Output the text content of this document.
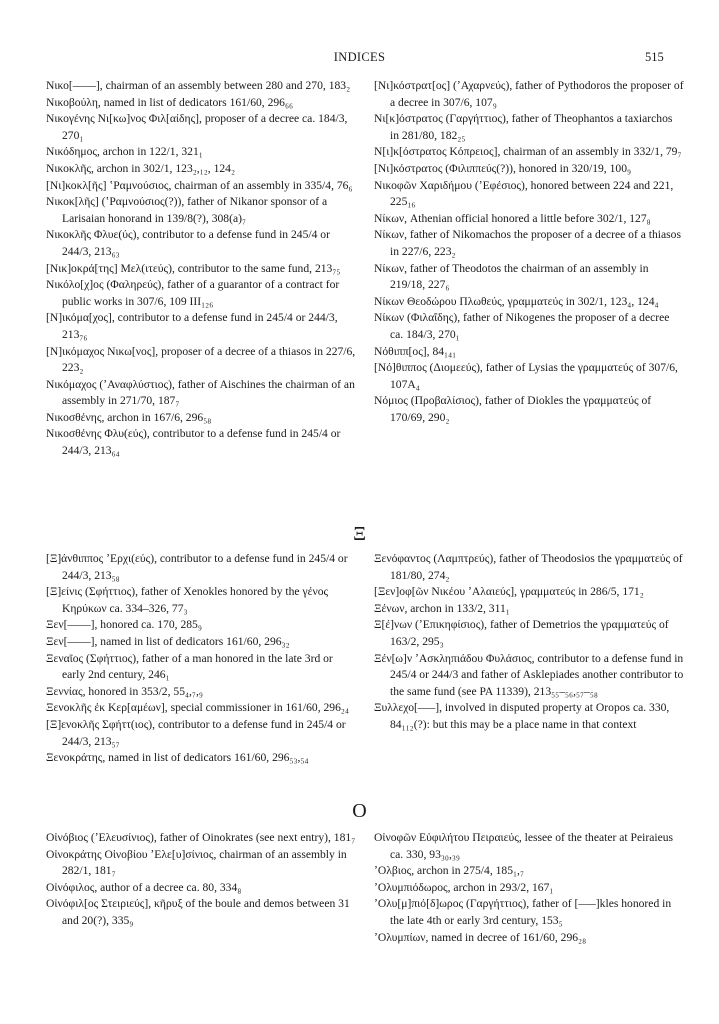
INDICES	515

Νικο[––––], chairman of an assembly between 280 and 270, 183₂

Νικοβούλη, named in list of dedicators 161/60, 296₆₆

Νικογένης Νι[κω]νος Φιλ[αίδης], proposer of a decree ca. 184/3, 270₁

Νικόδημος, archon in 122/1, 321₁

Νικοκλῆς, archon in 302/1, 123₂,₁₂, 124₂

[Νι]κοκλ[ῆς] ʽΡαμνούσιος, chairman of an assembly in 335/4, 76₆

Νικοκ[λῆς] (ʽΡαμνούσιος(?)), father of Nikanor sponsor of a Larisaian honorand in 139/8(?), 308(a)₇

Νικοκλῆς Φλυε(ύς), contributor to a defense fund in 245/4 or 244/3, 213₆₃

[Νικ]οκρά[της] Μελ(ιτεύς), contributor to the same fund, 213₇₅

Νικόλο[χ]ος (Φαληρεύς), father of a guarantor of a contract for public works in 307/6, 109 III₁₂₆

[Ν]ικόμα[χος], contributor to a defense fund in 245/4 or 244/3, 213₇₆

[Ν]ικόμαχος Νικω[νος], proposer of a decree of a thiasos in 227/6, 223₂

Νικόμαχος (ʼΑναφλύστιος), father of Aischines the chairman of an assembly in 271/70, 187₇

Νικοσθένης, archon in 167/6, 296₅₈

Νικοσθένης Φλυ(εύς), contributor to a defense fund in 245/4 or 244/3, 213₆₄

[Νι]κόστρατ[ος] (ʼΑχαρνεύς), father of Pythodoros the proposer of a decree in 307/6, 107₉

Νι[κ]όστρατος (Γαργήττιος), father of Theophantos a taxiarchos in 281/80, 182₂₅

Ν[ι]κ[όστρατος Κόπρειος], chairman of an assembly in 332/1, 79₇

[Νι]κόστρατος (Φιλιππεύς(?)), honored in 320/19, 100₉

Νικοφῶν Χαριδήμου (ʼΕφέσιος), honored between 224 and 221, 225₁₆

Νίκων, Athenian official honored a little before 302/1, 127₈

Νίκων, father of Nikomachos the proposer of a decree of a thiasos in 227/6, 223₂

Νίκων, father of Theodotos the chairman of an assembly in 219/18, 227₆

Νίκων Θεοδώρου Πλωθεύς, γραμματεύς in 302/1, 123₄, 124₄

Νίκων (Φιλαΐδης), father of Nikogenes the proposer of a decree ca. 184/3, 270₁

Νόθιππ[ος], 84₁₄₁

[Νό]θιππος (Διομεεύς), father of Lysias the γραμματεύς of 307/6, 107A₄

Νόμιος (Προβαλίσιος), father of Diokles the γραμματεύς of 170/69, 290₂

Ξ

[Ξ]άνθιππος ʼΕρχι(εύς), contributor to a defense fund in 245/4 or 244/3, 213₅₈

[Ξ]είνις (Σφήττιος), father of Xenokles honored by the γένος Κηρύκων ca. 334–326, 77₃

Ξεν[––––], honored ca. 170, 285₉

Ξεν[––––], named in list of dedicators 161/60, 296₃₂

Ξεναῖος (Σφήττιος), father of a man honored in the late 3rd or early 2nd century, 246₁

Ξεννίας, honored in 353/2, 55₄,₇,₉

Ξενοκλῆς ἐκ Κερ[αμέων], special commissioner in 161/60, 296₂₄

[Ξ]ενοκλῆς Σφήττ(ιος), contributor to a defense fund in 245/4 or 244/3, 213₅₇

Ξενοκράτης, named in list of dedicators 161/60, 296₅₃,₅₄

Ξενόφαντος (Λαμπτρεύς), father of Theodosios the γραμματεύς of 181/80, 274₂

[Ξεν]οφ[ῶν Νικέου ʼΑλαιεύς], γραμματεύς in 286/5, 171₂

Ξένων, archon in 133/2, 311₁

Ξ[έ]νων (ʼΕπικηφίσιος), father of Demetrios the γραμματεύς of 163/2, 295₃

Ξέν[ω]ν ʼΑσκληπιάδου Φυλάσιος, contributor to a defense fund in 245/4 or 244/3 and father of Asklepiades another contributor to the same fund (see PA 11339), 213₅₅–₅₆,₅₇–₅₈

Ξυλλεχο[–––], involved in disputed property at Oropos ca. 330, 84₁₁₂(?): but this may be a place name in that context

Ο

Οἰνόβιος (ʼΕλευσίνιος), father of Oinokrates (see next entry), 181₇

Οἰνοκράτης Οἰνοβίου ʼΕλε[υ]σίνιος, chairman of an assembly in 282/1, 181₇

Οἰνόφιλος, author of a decree ca. 80, 334₈

Οἰνόφιλ[ος Στειριεύς], κῆρυξ of the boule and demos between 31 and 20(?), 335₉

Οἰνοφῶν Εὐφιλήτου Πειραιεύς, lessee of the theater at Peiraieus ca. 330, 93₃₀,₃₉

ʼΟλβιος, archon in 275/4, 185₁,₇

ʼΟλυμπιόδωρος, archon in 293/2, 167₁

ʼΟλυ[μ]πιό[δ]ωρος (Γαργήττιος), father of [–––]kles honored in the late 4th or early 3rd century, 153₅

ʼΟλυμπίων, named in decree of 161/60, 296₂₈
